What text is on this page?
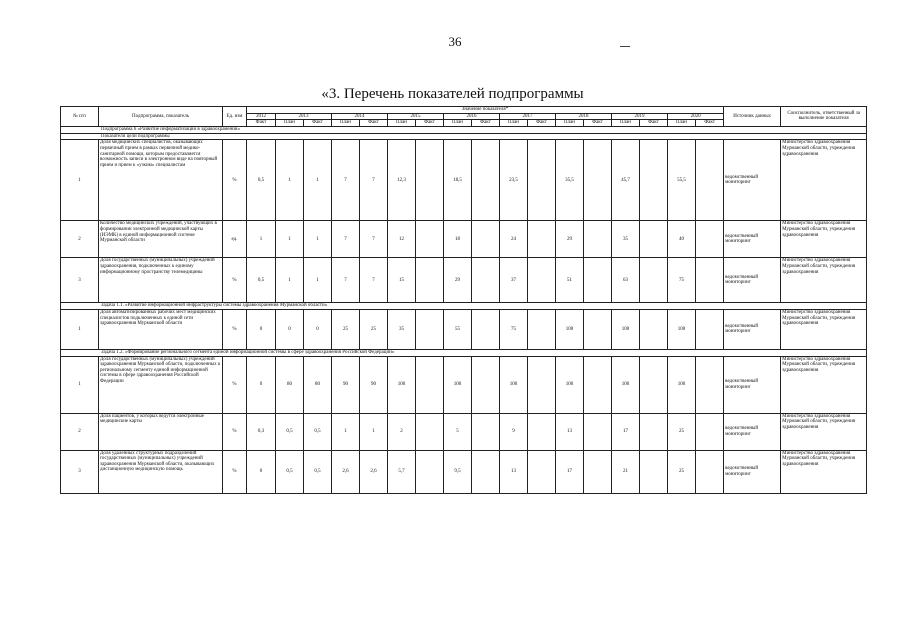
36
«3. Перечень показателей подпрограммы
№ п/п	Подпрограмма, показатель	Ед. изм	Значение показателя*																	Источник данных	Соисполнитель, ответственный за выполнение показателя
			2012	2013		2014		2015		2016		2017		2018		2019		2020			
			Факт	План	Факт	План	Факт	План	Факт	План	Факт	План	Факт	План	Факт	План	Факт	План	Факт		
Подпрограмма 6 «Развитие информатизации в здравоохранении»																					
Показатели цели подпрограммы																					
1	Доля медицинских специалистов, оказывающих первичный прием в рамках первичной медико-санитарной помощи, которым предоставляется возможность записи в электронном виде на повторный прием и прием к «узким» специалистам	%	0,5	1	1	7	7	12,3		18,5		23,5		35,5		45,7		55,5		ведомственный мониторинг	Министерство здравоохранения Мурманской области, учреждения здравоохранения
2	Количество медицинских учреждений, участвующих в формировании электронной медицинской карты (ИЭМК) в единой информационной системе Мурманской области	ед.	1	1	1	7	7	12		18		24		29		35		40		ведомственный мониторинг	Министерство здравоохранения Мурманской области, учреждения здравоохранения
3	Доля государственных (муниципальных) учреждений здравоохранения, подключенных к единому информационному пространству телемедицины	%	0,5	1	1	7	7	15		29		37		51		63		75		ведомственный мониторинг	Министерство здравоохранения Мурманской области, учреждения здравоохранения
Задача 1.1. «Развитие информационной инфраструктуры системы здравоохранения Мурманской области»																					
1	Доля автоматизированных рабочих мест медицинских специалистов подключенных к единой сети здравоохранения Мурманской области	%	0	0	0	25	25	35		55		75		100		100		100		ведомственный мониторинг	Министерство здравоохранения Мурманской области, учреждения здравоохранения
Задача 1.2. «Формирование регионального сегмента единой информационной системы в сфере здравоохранения Российской Федерации»																					
1	Доля государственных (муниципальных) учреждений здравоохранения Мурманской области, подключенных к региональному сегменту единой информационной системы в сфере здравоохранения Российской Федерации	%	0	80	80	90	90	100		100		100		100		100		100		ведомственный мониторинг	Министерство здравоохранения Мурманской области, учреждения здравоохранения
2	Доля пациентов, у которых ведутся электронные медицинские карты	%	0,3	0,5	0,5	1	1	2		5		9		13		17		25		ведомственный мониторинг	Министерство здравоохранения Мурманской области, учреждения здравоохранения
3	Доля удаленных структурных подразделений государственных (муниципальных) учреждений здравоохранения Мурманской области, оказывающих дистанционную медицинскую помощь	%	0	0,5	0,5	2,6	2,6	5,7		9,5		13		17		21		25		ведомственный мониторинг	Министерство здравоохранения Мурманской области, учреждения здравоохранения
